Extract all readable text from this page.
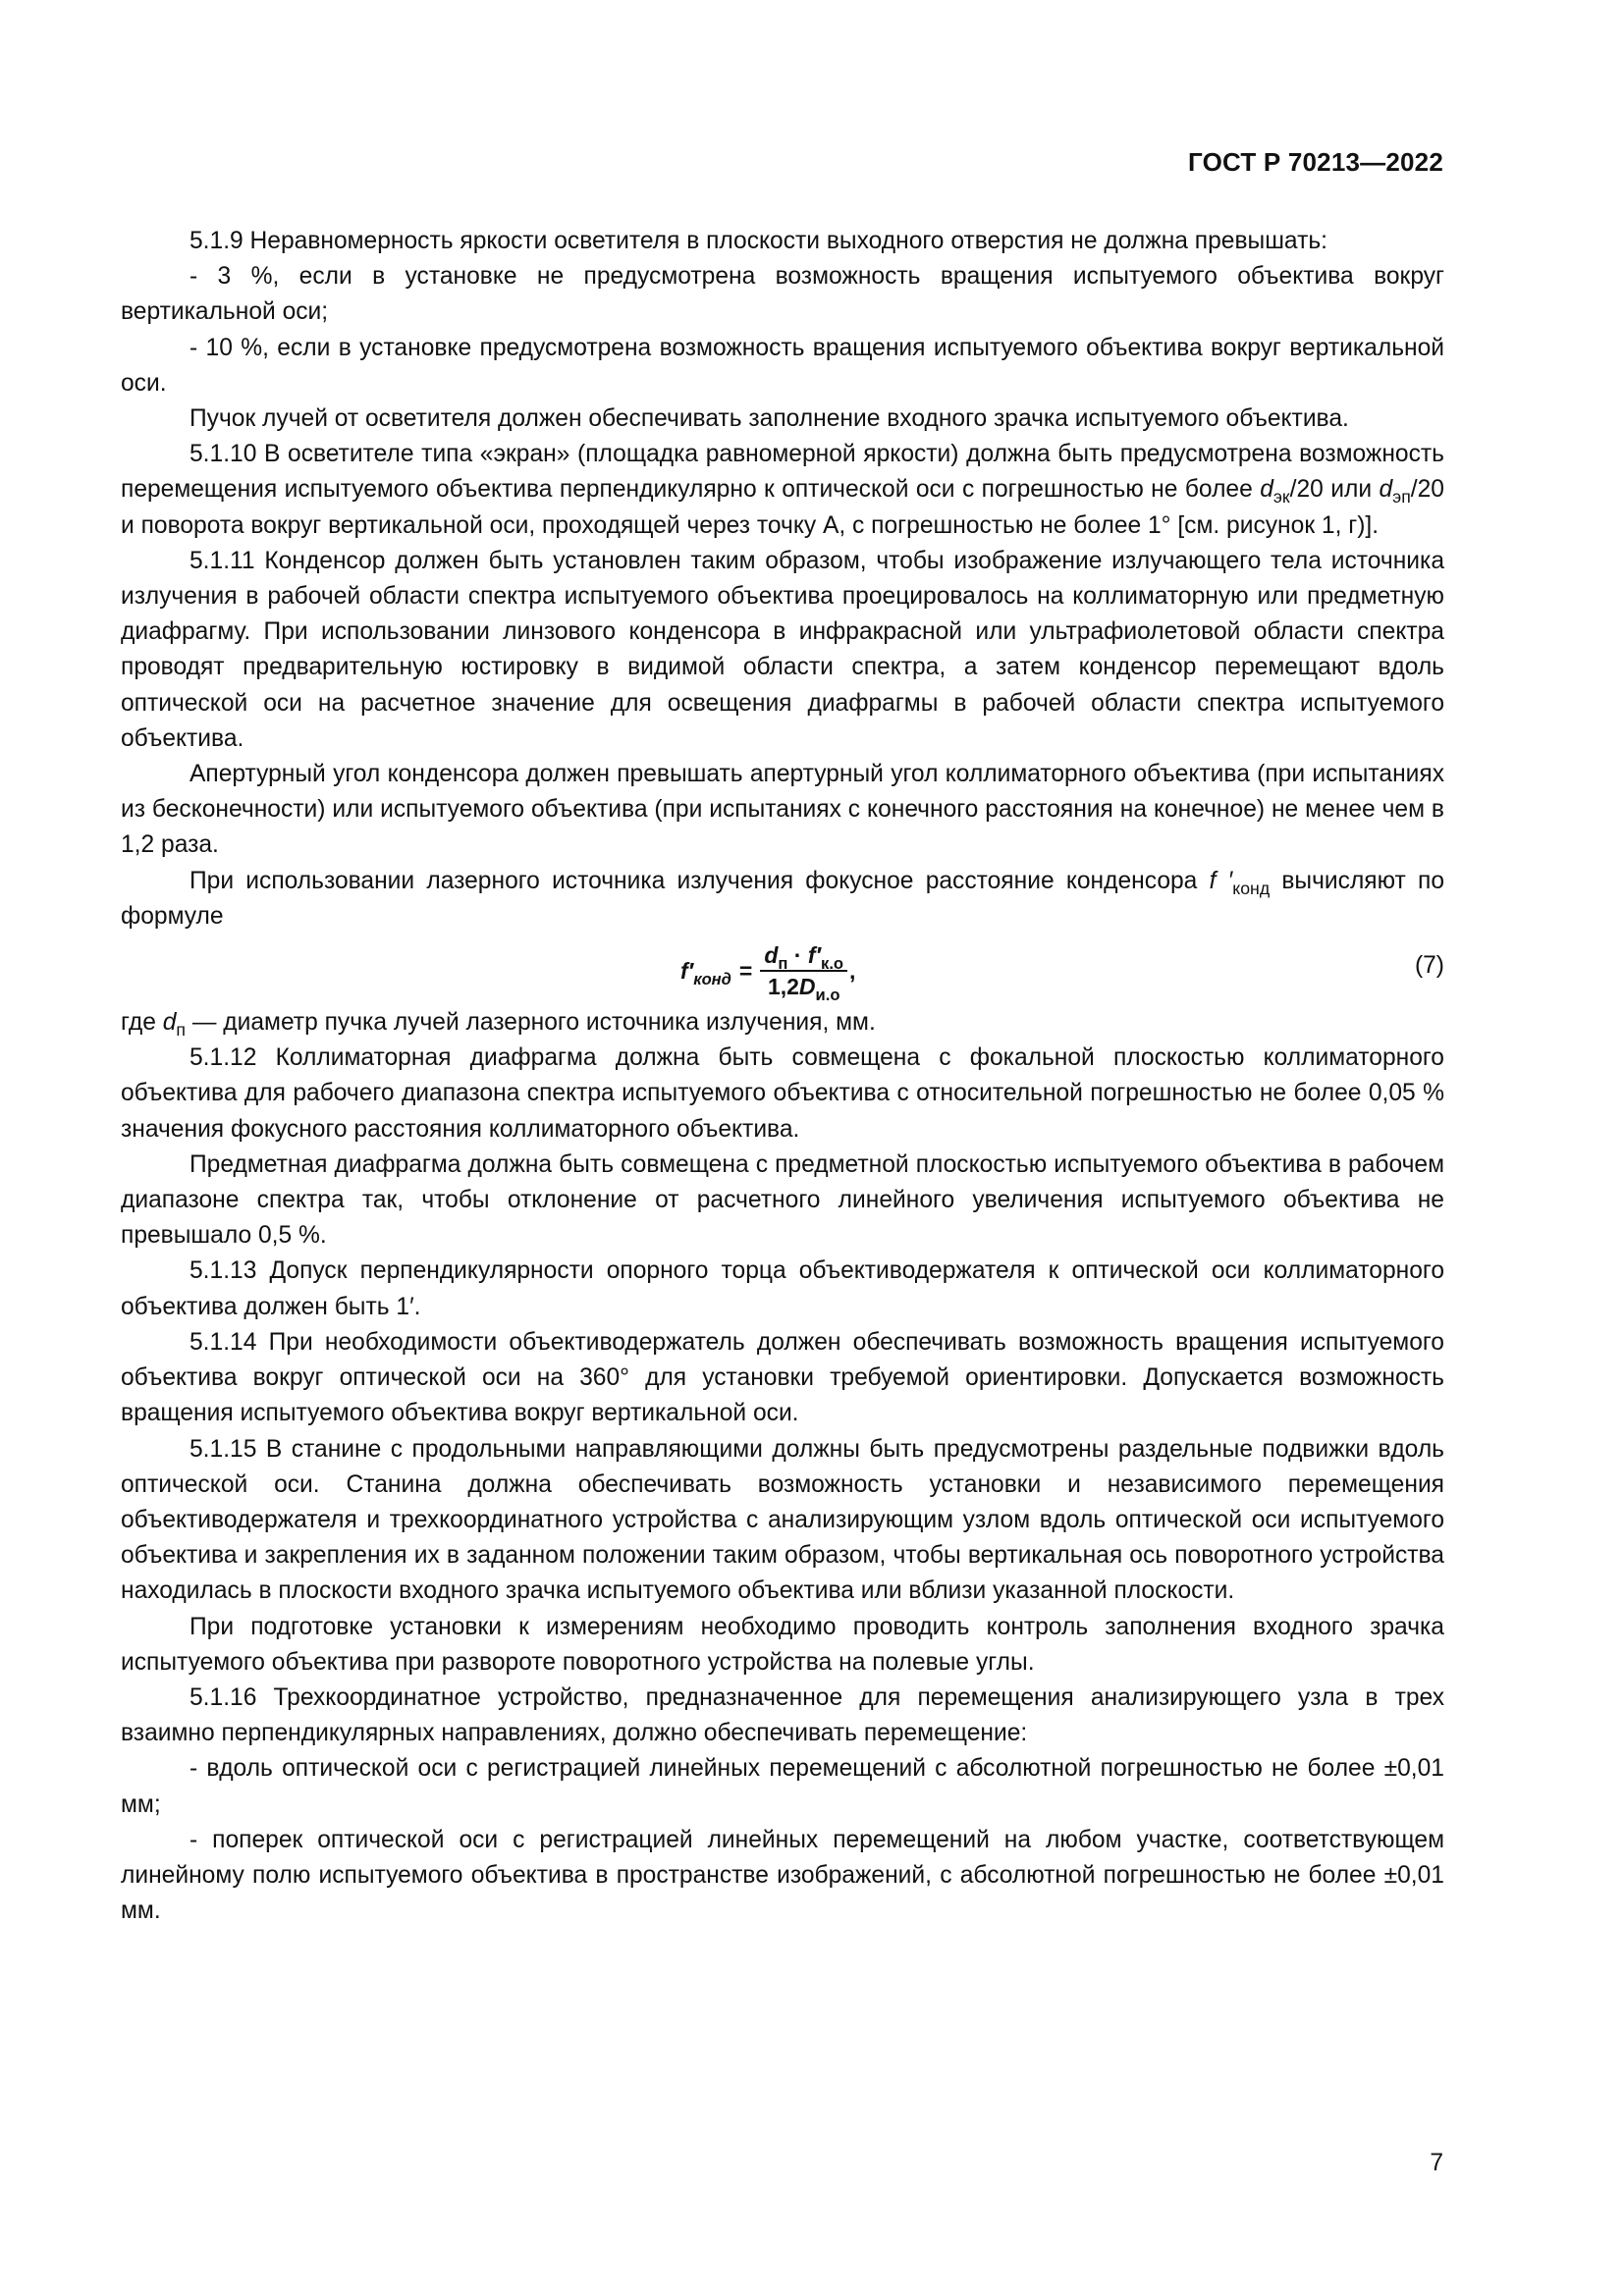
ГОСТ Р 70213—2022

5.1.9 Неравномерность яркости осветителя в плоскости выходного отверстия не должна превышать:

- 3 %, если в установке не предусмотрена возможность вращения испытуемого объектива вокруг вертикальной оси;

- 10 %, если в установке предусмотрена возможность вращения испытуемого объектива вокруг вертикальной оси.

Пучок лучей от осветителя должен обеспечивать заполнение входного зрачка испытуемого объектива.

5.1.10 В осветителе типа «экран» (площадка равномерной яркости) должна быть предусмотрена возможность перемещения испытуемого объектива перпендикулярно к оптической оси с погрешностью не более $d_{эк}/20$ или $d_{эп}/20$ и поворота вокруг вертикальной оси, проходящей через точку А, с погрешностью не более 1° [см. рисунок 1, г)].

5.1.11 Конденсор должен быть установлен таким образом, чтобы изображение излучающего тела источника излучения в рабочей области спектра испытуемого объектива проецировалось на коллиматорную или предметную диафрагму. При использовании линзового конденсора в инфракрасной или ультрафиолетовой области спектра проводят предварительную юстировку в видимой области спектра, а затем конденсор перемещают вдоль оптической оси на расчетное значение для освещения диафрагмы в рабочей области спектра испытуемого объектива.

Апертурный угол конденсора должен превышать апертурный угол коллиматорного объектива (при испытаниях из бесконечности) или испытуемого объектива (при испытаниях с конечного расстояния на конечное) не менее чем в 1,2 раза.

При использовании лазерного источника излучения фокусное расстояние конденсора f $'_{конд}$ вычисляют по формуле

$f'_{конд} = \frac{d_п \cdot f'_{к.о}}{1,2D_{и.о}}$ ,	(7)

где $d_п$ — диаметр пучка лучей лазерного источника излучения, мм.

5.1.12 Коллиматорная диафрагма должна быть совмещена с фокальной плоскостью коллиматорного объектива для рабочего диапазона спектра испытуемого объектива с относительной погрешностью не более 0,05 % значения фокусного расстояния коллиматорного объектива.

Предметная диафрагма должна быть совмещена с предметной плоскостью испытуемого объектива в рабочем диапазоне спектра так, чтобы отклонение от расчетного линейного увеличения испытуемого объектива не превышало 0,5 %.

5.1.13 Допуск перпендикулярности опорного торца объективодержателя к оптической оси коллиматорного объектива должен быть 1′.

5.1.14 При необходимости объективодержатель должен обеспечивать возможность вращения испытуемого объектива вокруг оптической оси на 360° для установки требуемой ориентировки. Допускается возможность вращения испытуемого объектива вокруг вертикальной оси.

5.1.15 В станине с продольными направляющими должны быть предусмотрены раздельные подвижки вдоль оптической оси. Станина должна обеспечивать возможность установки и независимого перемещения объективодержателя и трехкоординатного устройства с анализирующим узлом вдоль оптической оси испытуемого объектива и закрепления их в заданном положении таким образом, чтобы вертикальная ось поворотного устройства находилась в плоскости входного зрачка испытуемого объектива или вблизи указанной плоскости.

При подготовке установки к измерениям необходимо проводить контроль заполнения входного зрачка испытуемого объектива при развороте поворотного устройства на полевые углы.

5.1.16 Трехкоординатное устройство, предназначенное для перемещения анализирующего узла в трех взаимно перпендикулярных направлениях, должно обеспечивать перемещение:

- вдоль оптической оси с регистрацией линейных перемещений с абсолютной погрешностью не более ±0,01 мм;

- поперек оптической оси с регистрацией линейных перемещений на любом участке, соответствующем линейному полю испытуемого объектива в пространстве изображений, с абсолютной погрешностью не более ±0,01 мм.

7
